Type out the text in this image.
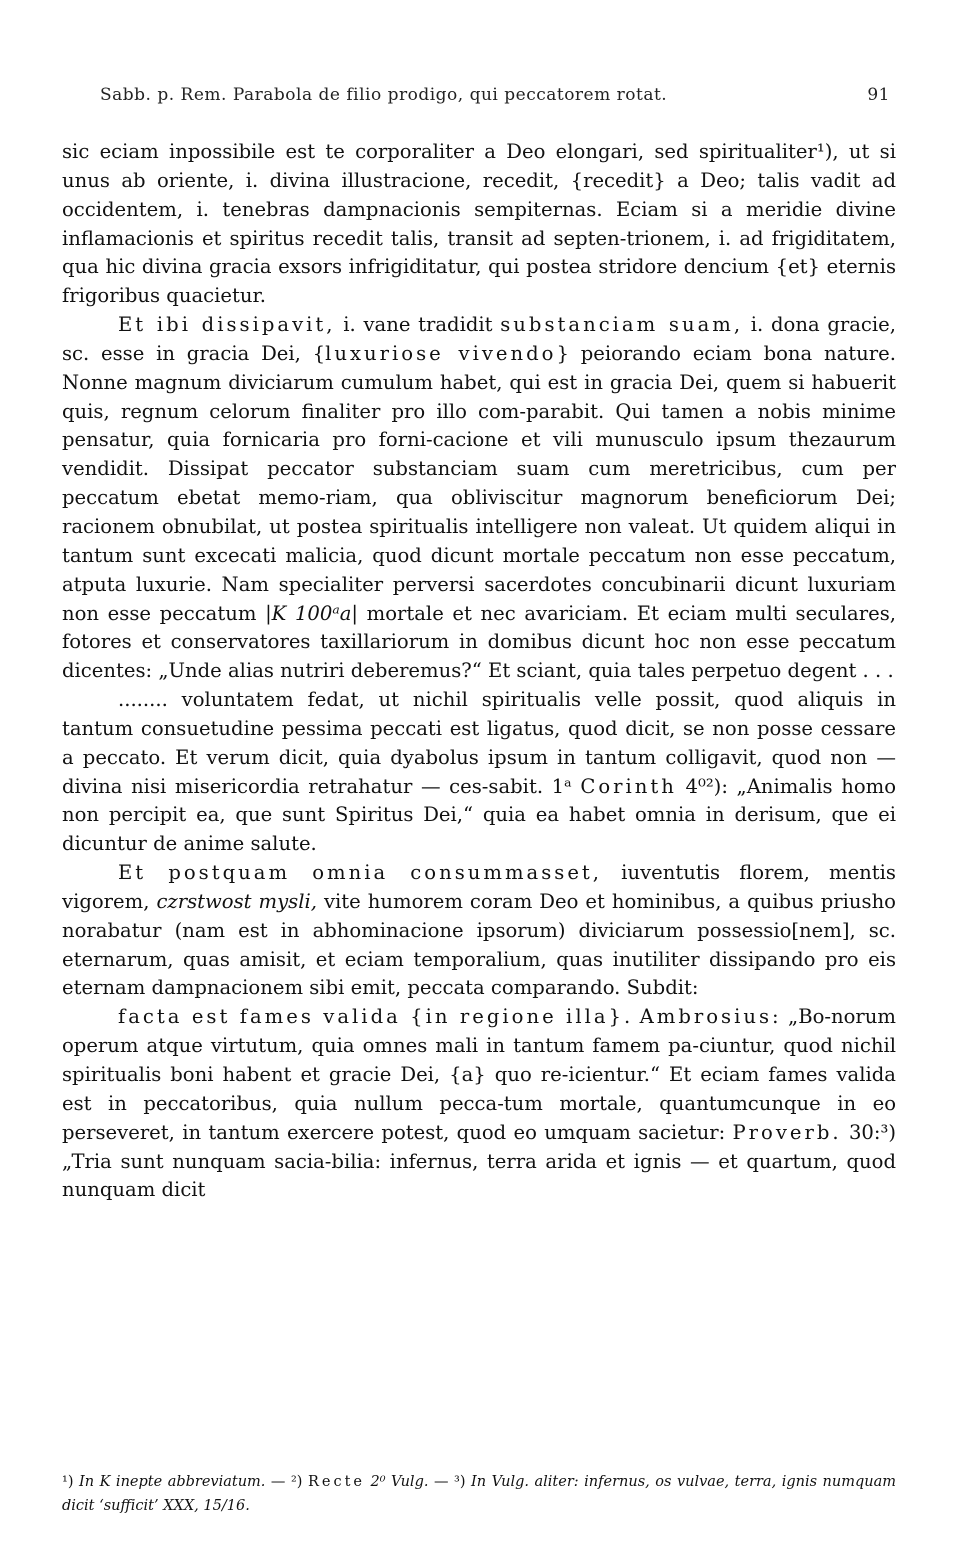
Sabb. p. Rem. Parabola de filio prodigo, qui peccatorem rotat.	91

sic eciam inpossibile est te corporaliter a Deo elongari, sed spiritualiter¹), ut si unus ab oriente, i. divina illustracione, recedit, {recedit} a Deo; talis vadit ad occidentem, i. tenebras dampnacionis sempiternas. Eciam si a meridie divine inflamacionis et spiritus recedit talis, transit ad septen-trionem, i. ad frigiditatem, qua hic divina gracia exsors infrigiditatur, qui postea stridore dencium {et} eternis frigoribus quacietur.

Et ibi dissipavit, i. vane tradidit substanciam suam, i. dona gracie, sc. esse in gracia Dei, {luxuriose vivendo} peiorando eciam bona nature. Nonne magnum diviciarum cumulum habet, qui est in gracia Dei, quem si habuerit quis, regnum celorum finaliter pro illo com-parabit. Qui tamen a nobis minime pensatur, quia fornicaria pro forni-cacione et vili munusculo ipsum thezaurum vendidit. Dissipat peccator substanciam suam cum meretricibus, cum per peccatum ebetat memo-riam, qua obliviscitur magnorum beneficiorum Dei; racionem obnubilat, ut postea spiritualis intelligere non valeat. Ut quidem aliqui in tantum sunt excecati malicia, quod dicunt mortale peccatum non esse peccatum, atputa luxurie. Nam specialiter perversi sacerdotes concubinarii dicunt luxuriam non esse peccatum |K 100ᵃa| mortale et nec avariciam. Et eciam multi seculares, fotores et conservatores taxillariorum in domibus dicunt hoc non esse peccatum dicentes: „Unde alias nutriri deberemus?“ Et sciant, quia tales perpetuo degent . . .

........ voluntatem fedat, ut nichil spiritualis velle possit, quod aliquis in tantum consuetudine pessima peccati est ligatus, quod dicit, se non posse cessare a peccato. Et verum dicit, quia dyabolus ipsum in tantum colligavit, quod non — divina nisi misericordia retrahatur — ces-sabit. 1ᵃ Corinth 4⁰²): „Animalis homo non percipit ea, que sunt Spiritus Dei,“ quia ea habet omnia in derisum, que ei dicuntur de anime salute.

Et postquam omnia consummasset, iuventutis florem, mentis vigorem, czrstwost mysli, vite humorem coram Deo et hominibus, a quibus priusho norabatur (nam est in abhominacione ipsorum) diviciarum possessio[nem], sc. eternarum, quas amisit, et eciam temporalium, quas inutiliter dissipando pro eis eternam dampnacionem sibi emit, peccata comparando. Subdit:

facta est fames valida {in regione illa}. Ambrosius: „Bo-norum operum atque virtutum, quia omnes mali in tantum famem pa-ciuntur, quod nichil spiritualis boni habent et gracie Dei, {a} quo re-icientur.“ Et eciam fames valida est in peccatoribus, quia nullum pecca-tum mortale, quantumcunque in eo perseveret, in tantum exercere potest, quod eo umquam sacietur: Proverb. 30:³) „Tria sunt nunquam sacia-bilia: infernus, terra arida et ignis — et quartum, quod nunquam dicit

¹) In K inepte abbreviatum. — ²) Recte 2⁰ Vulg. — ³) In Vulg. aliter: infernus, os vulvae, terra, ignis numquam dicit ‘sufficit’ XXX, 15/16.
